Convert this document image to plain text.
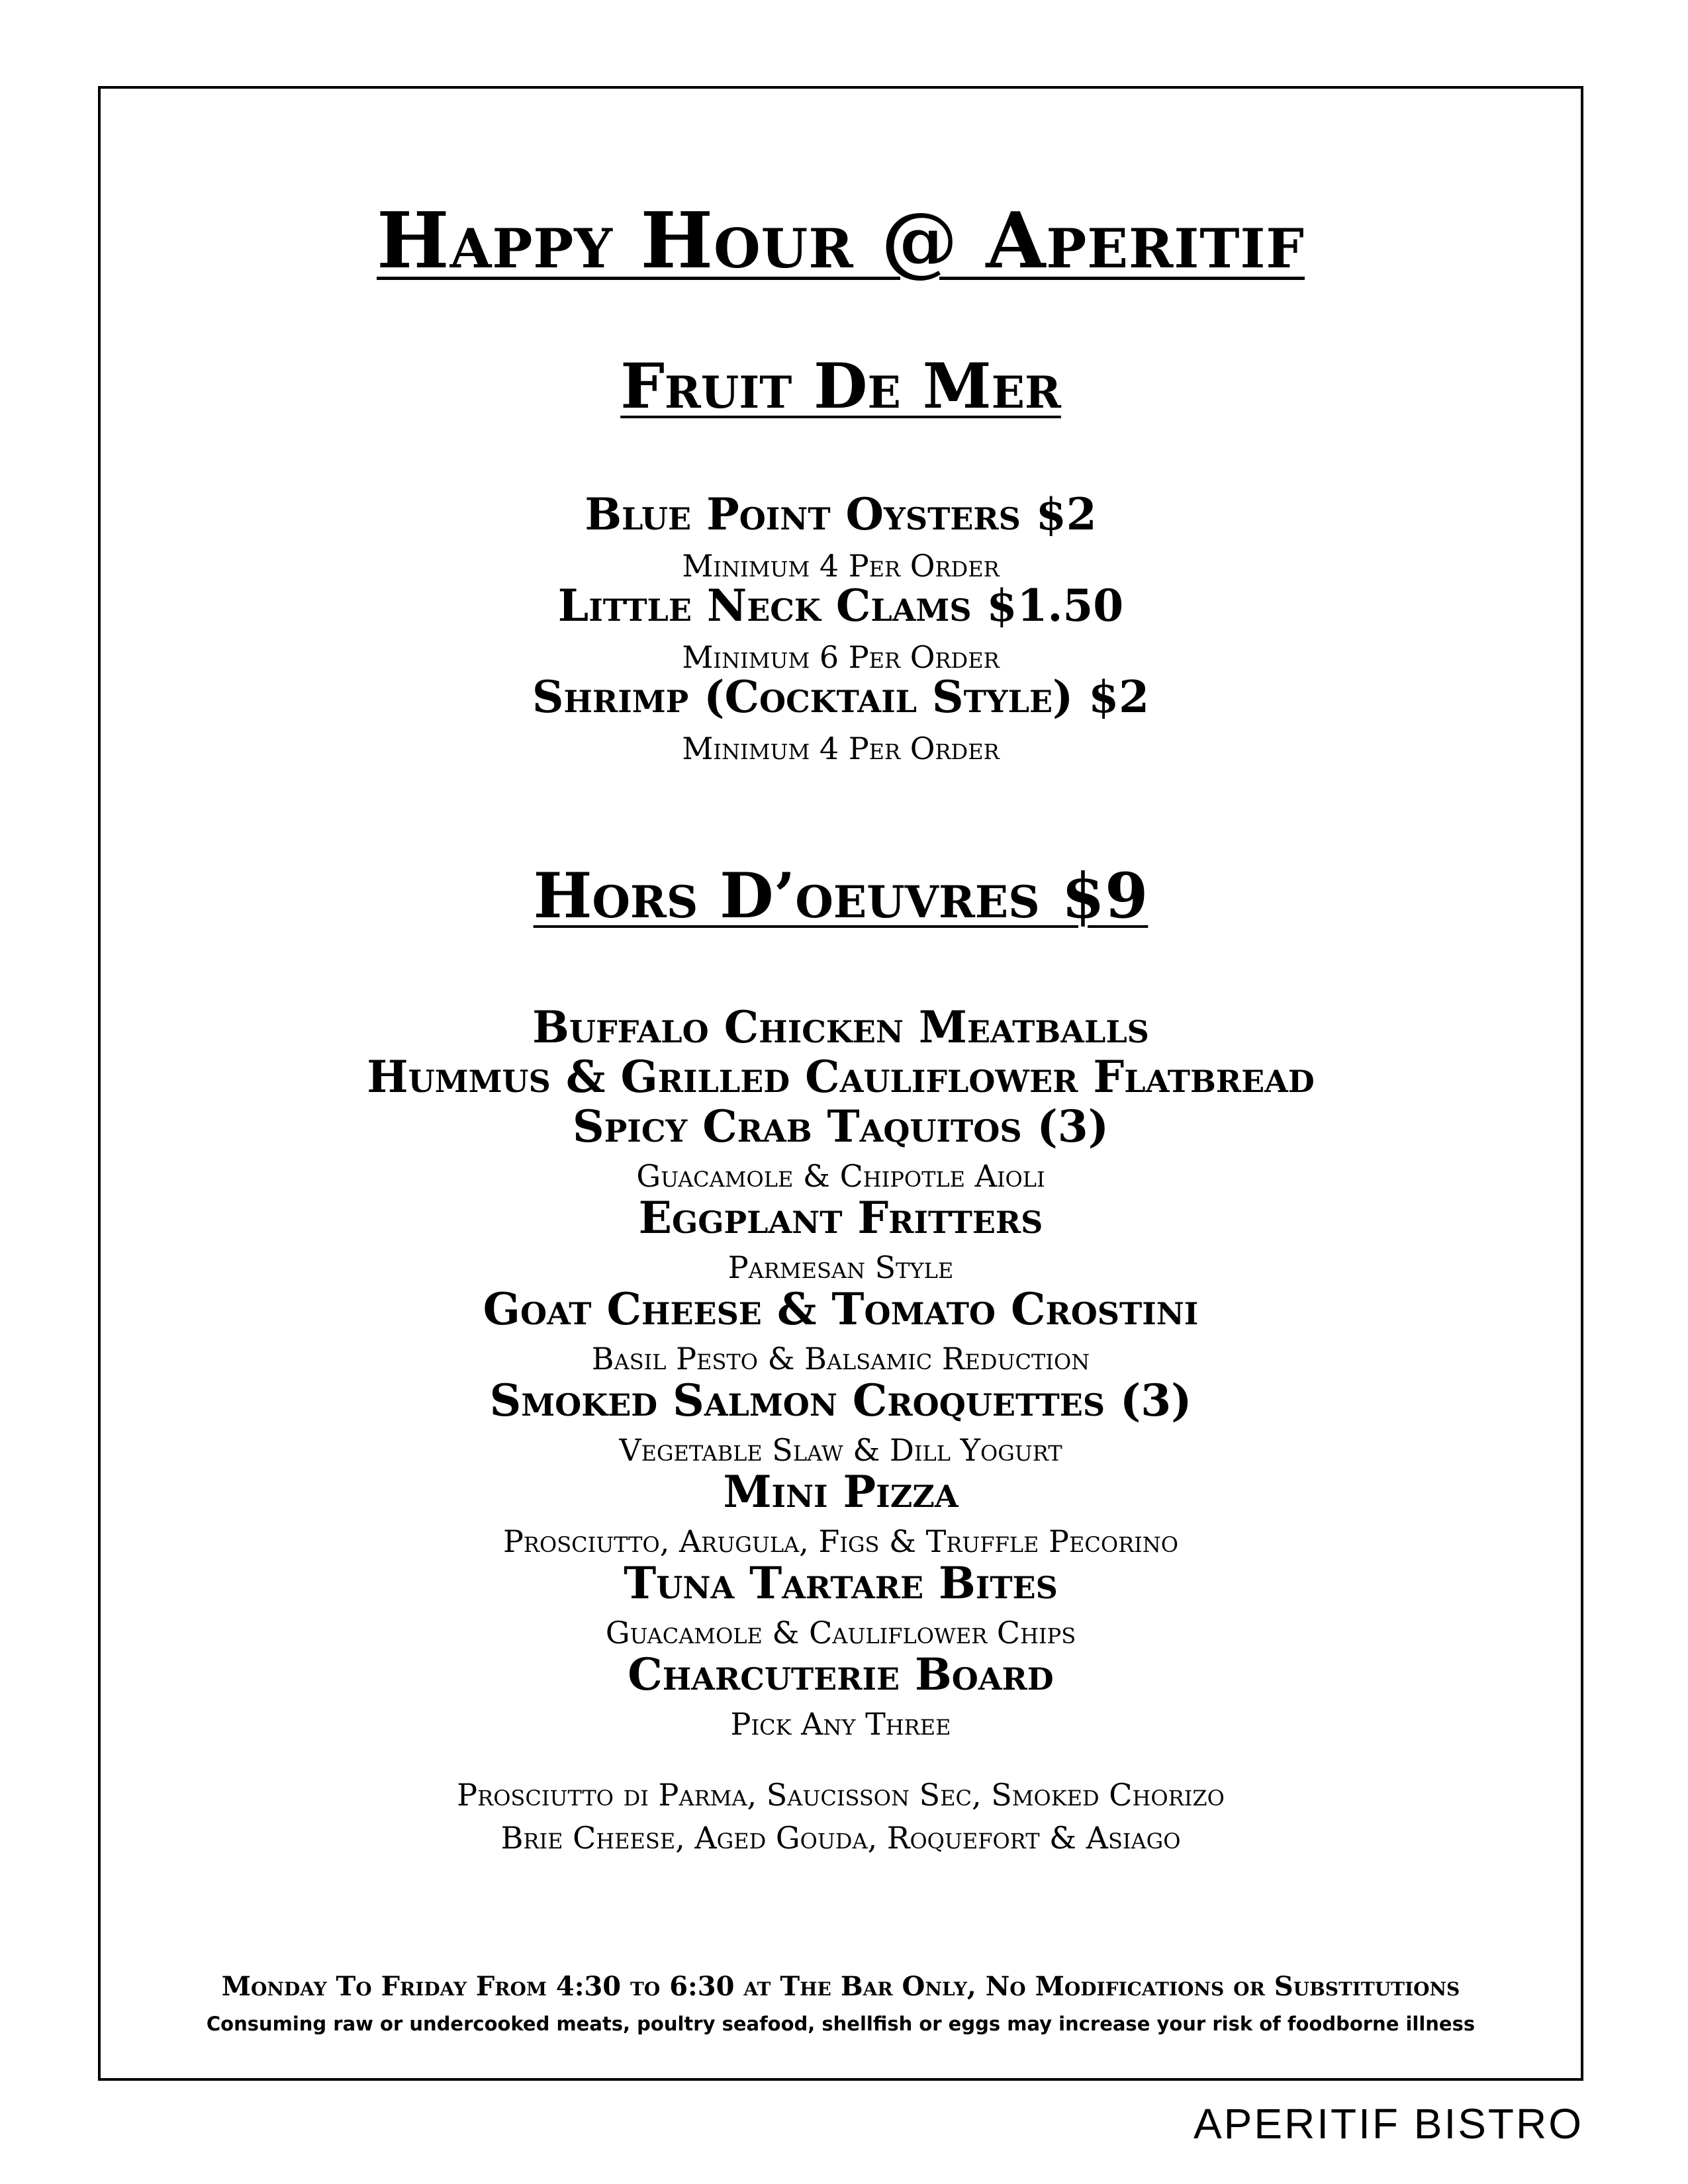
Happy Hour @ Aperitif
Fruit De Mer
Blue Point Oysters $2
Minimum 4 Per Order
Little Neck Clams $1.50
Minimum 6 Per Order
Shrimp (Cocktail Style) $2
Minimum 4 Per Order
Hors D’oeuvres $9
Buffalo Chicken Meatballs
Hummus & Grilled Cauliflower Flatbread
Spicy Crab Taquitos (3)
Guacamole & Chipotle Aioli
Eggplant Fritters
Parmesan Style
Goat Cheese & Tomato Crostini
Basil Pesto & Balsamic Reduction
Smoked Salmon Croquettes (3)
Vegetable Slaw & Dill Yogurt
Mini Pizza
Prosciutto, Arugula, Figs & Truffle Pecorino
Tuna Tartare Bites
Guacamole & Cauliflower Chips
Charcuterie Board
Pick Any Three
Prosciutto di Parma, Saucisson Sec, Smoked Chorizo
Brie Cheese, Aged Gouda, Roquefort & Asiago
Monday To Friday From 4:30 to 6:30 at The Bar Only, No Modifications or Substitutions
Consuming raw or undercooked meats, poultry seafood, shellfish or eggs may increase your risk of foodborne illness
APERITIF BISTRO
